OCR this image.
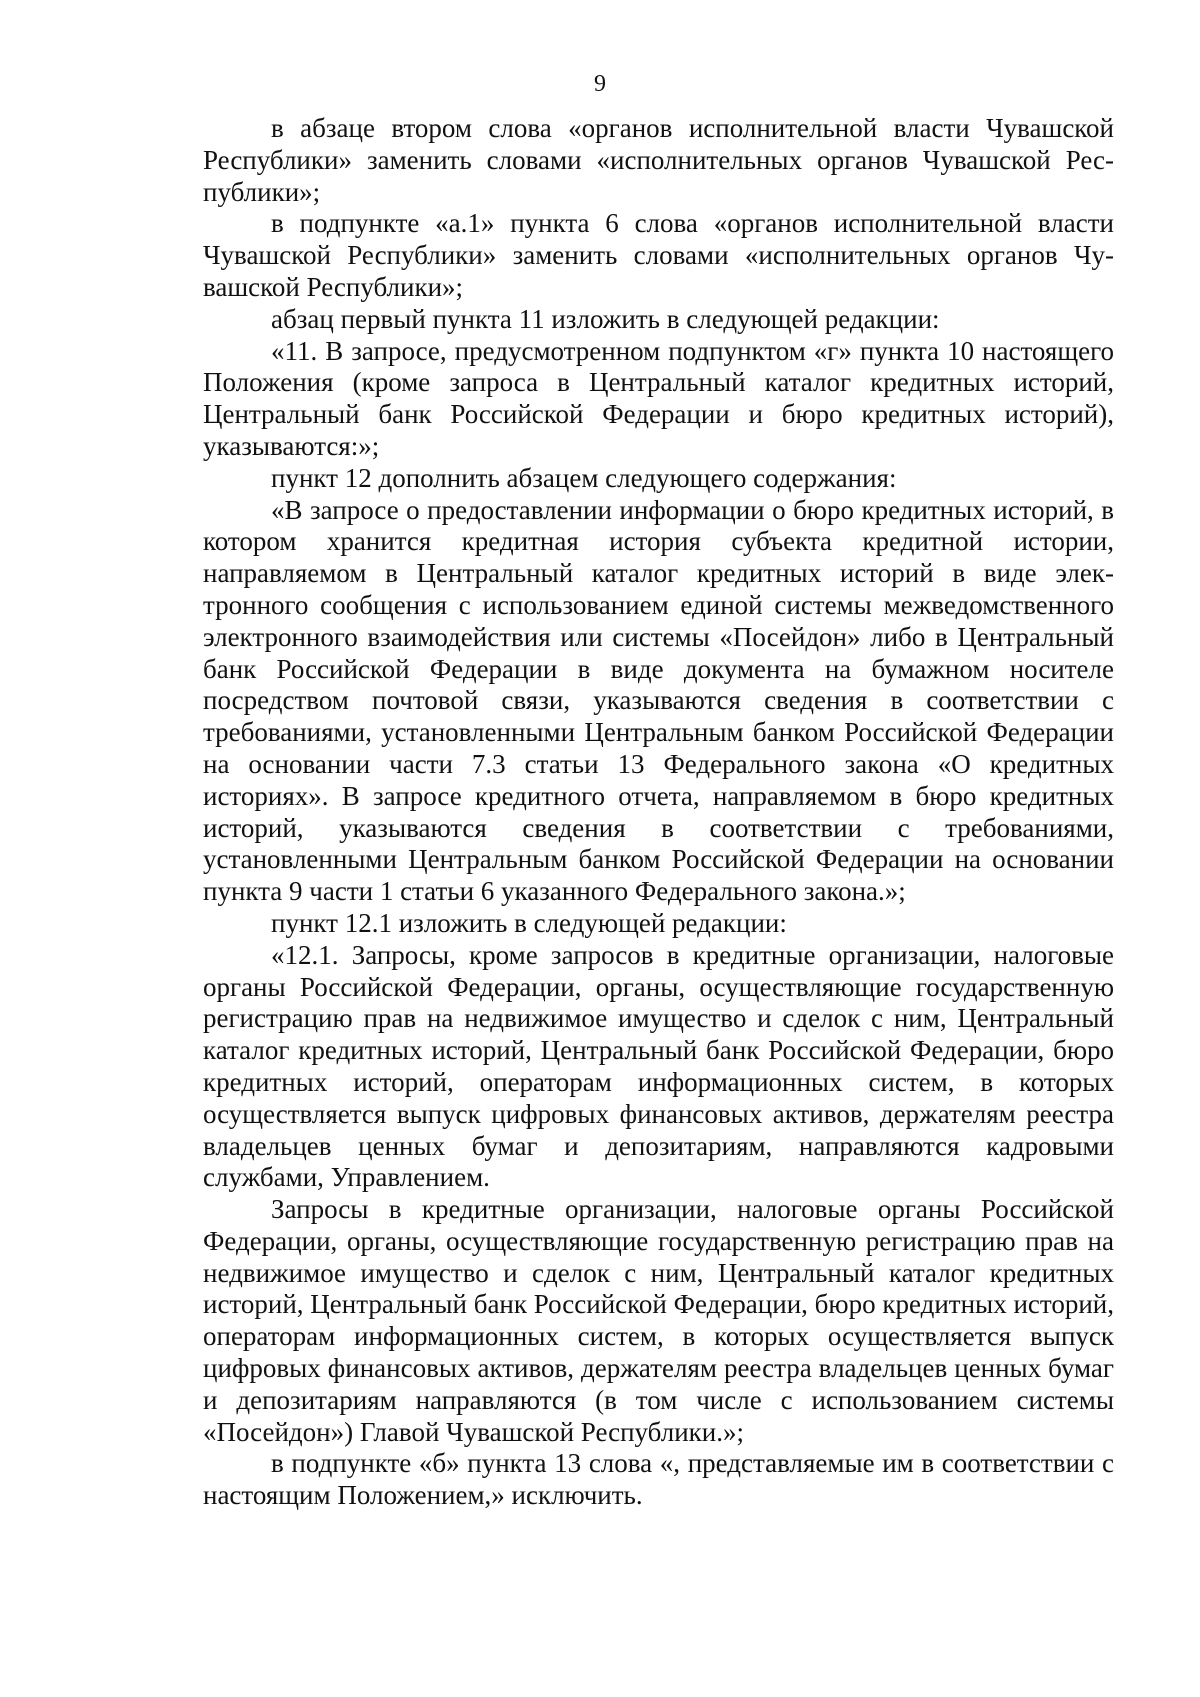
9

в абзаце втором слова «органов исполнительной власти Чувашской Республики» заменить словами «исполнительных органов Чувашской Республики»;

в подпункте «а.1» пункта 6 слова «органов исполнительной власти Чувашской Республики» заменить словами «исполнительных органов Чувашской Республики»;

абзац первый пункта 11 изложить в следующей редакции:

«11. В запросе, предусмотренном подпунктом «г» пункта 10 настоящего Положения (кроме запроса в Центральный каталог кредитных историй, Центральный банк Российской Федерации и бюро кредитных историй), указываются:»;

пункт 12 дополнить абзацем следующего содержания:

«В запросе о предоставлении информации о бюро кредитных историй, в котором хранится кредитная история субъекта кредитной истории, направляемом в Центральный каталог кредитных историй в виде электронного сообщения с использованием единой системы межведомственного электронного взаимодействия или системы «Посейдон» либо в Центральный банк Российской Федерации в виде документа на бумажном носителе посредством почтовой связи, указываются сведения в соответствии с требованиями, установленными Центральным банком Российской Федерации на основании части 7.3 статьи 13 Федерального закона «О кредитных историях». В запросе кредитного отчета, направляемом в бюро кредитных историй, указываются сведения в соответствии с требованиями, установленными Центральным банком Российской Федерации на основании пункта 9 части 1 статьи 6 указанного Федерального закона.»;

пункт 12.1 изложить в следующей редакции:

«12.1. Запросы, кроме запросов в кредитные организации, налоговые органы Российской Федерации, органы, осуществляющие государственную регистрацию прав на недвижимое имущество и сделок с ним, Центральный каталог кредитных историй, Центральный банк Российской Федерации, бюро кредитных историй, операторам информационных систем, в которых осуществляется выпуск цифровых финансовых активов, держателям реестра владельцев ценных бумаг и депозитариям, направляются кадровыми службами, Управлением.

Запросы в кредитные организации, налоговые органы Российской Федерации, органы, осуществляющие государственную регистрацию прав на недвижимое имущество и сделок с ним, Центральный каталог кредитных историй, Центральный банк Российской Федерации, бюро кредитных историй, операторам информационных систем, в которых осуществляется выпуск цифровых финансовых активов, держателям реестра владельцев ценных бумаг и депозитариям направляются (в том числе с использованием системы «Посейдон») Главой Чувашской Республики.»;

в подпункте «б» пункта 13 слова «, представляемые им в соответствии с настоящим Положением,» исключить.
